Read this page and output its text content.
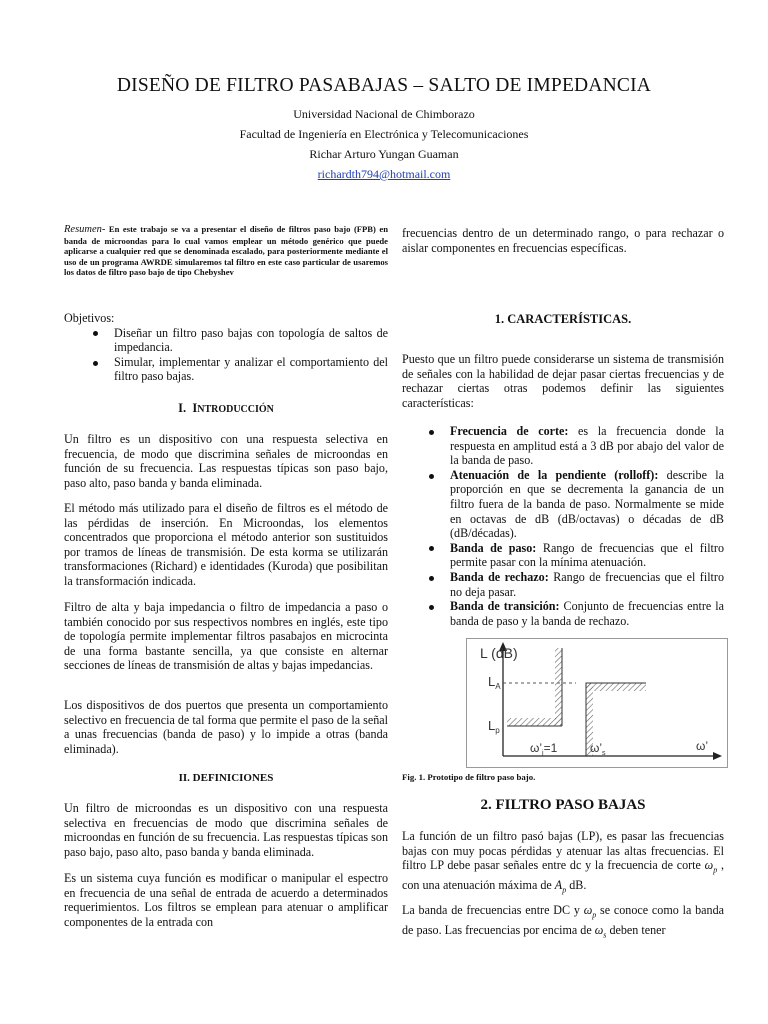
DISEÑO DE FILTRO PASABAJAS – SALTO DE IMPEDANCIA

Universidad Nacional de Chimborazo

Facultad de Ingeniería en Electrónica y Telecomunicaciones

Richar Arturo Yungan Guaman

richardth794@hotmail.com

Resumen- En este trabajo se va a presentar el diseño de filtros paso bajo (FPB) en banda de microondas para lo cual vamos emplear un método genérico que puede aplicarse a cualquier red que se denominada escalado, para posteriormente mediante el uso de un programa AWRDE simularemos tal filtro en este caso particular de usaremos los datos de filtro paso bajo de tipo Chebyshev

Objetivos:

Diseñar un filtro paso bajas con topología de saltos de impedancia.
Simular, implementar y analizar el comportamiento del filtro paso bajas.

I. INTRODUCCIÓN

Un filtro es un dispositivo con una respuesta selectiva en frecuencia, de modo que discrimina señales de microondas en función de su frecuencia. Las respuestas típicas son paso bajo, paso alto, paso banda y banda eliminada.

El método más utilizado para el diseño de filtros es el método de las pérdidas de inserción. En Microondas, los elementos concentrados que proporciona el método anterior son sustituidos por tramos de líneas de transmisión. De esta korma se utilizarán transformaciones (Richard) e identidades (Kuroda) que posibilitan la transformación indicada.

Filtro de alta y baja impedancia o filtro de impedancia a paso o también conocido por sus respectivos nombres en inglés, este tipo de topología permite implementar filtros pasabajos en microcinta de una forma bastante sencilla, ya que consiste en alternar secciones de líneas de transmisión de altas y bajas impedancias.

Los dispositivos de dos puertos que presenta un comportamiento selectivo en frecuencia de tal forma que permite el paso de la señal a unas frecuencias (banda de paso) y lo impide a otras (banda eliminada).

II. DEFINICIONES

Un filtro de microondas es un dispositivo con una respuesta selectiva en frecuencias de modo que discrimina señales de microondas en función de su frecuencia. Las respuestas típicas son paso bajo, paso alto, paso banda y banda eliminada.

Es un sistema cuya función es modificar o manipular el espectro en frecuencia de una señal de entrada de acuerdo a determinados requerimientos. Los filtros se emplean para atenuar o amplificar componentes de la entrada con

frecuencias dentro de un determinado rango, o para rechazar o aislar componentes en frecuencias específicas.

1. CARACTERÍSTICAS.

Puesto que un filtro puede considerarse un sistema de transmisión de señales con la habilidad de dejar pasar ciertas frecuencias y de rechazar ciertas otras podemos definir las siguientes características:

Frecuencia de corte: es la frecuencia donde la respuesta en amplitud está a 3 dB por abajo del valor de la banda de paso.
Atenuación de la pendiente (rolloff): describe la proporción en que se decrementa la ganancia de un filtro fuera de la banda de paso. Normalmente se mide en octavas de dB (dB/octavas) o décadas de dB (dB/décadas).
Banda de paso: Rango de frecuencias que el filtro permite pasar con la mínima atenuación.
Banda de rechazo: Rango de frecuencias que el filtro no deja pasar.
Banda de transición: Conjunto de frecuencias entre la banda de paso y la banda de rechazo.

Fig. 1. Prototipo de filtro paso bajo.

2. FILTRO PASO BAJAS

La función de un filtro pasó bajas (LP), es pasar las frecuencias bajas con muy pocas pérdidas y atenuar las altas frecuencias. El filtro LP debe pasar señales entre dc y la frecuencia de corte $\omega_p$ , con una atenuación máxima de $A_p$ dB.

La banda de frecuencias entre DC y $\omega_p$ se conoce como la banda de paso. Las frecuencias por encima de $\omega_s$ deben tener

L (dB)
$L_A$
$L_p$
$\omega’_j=1$	$\omega’_s$
ω’
